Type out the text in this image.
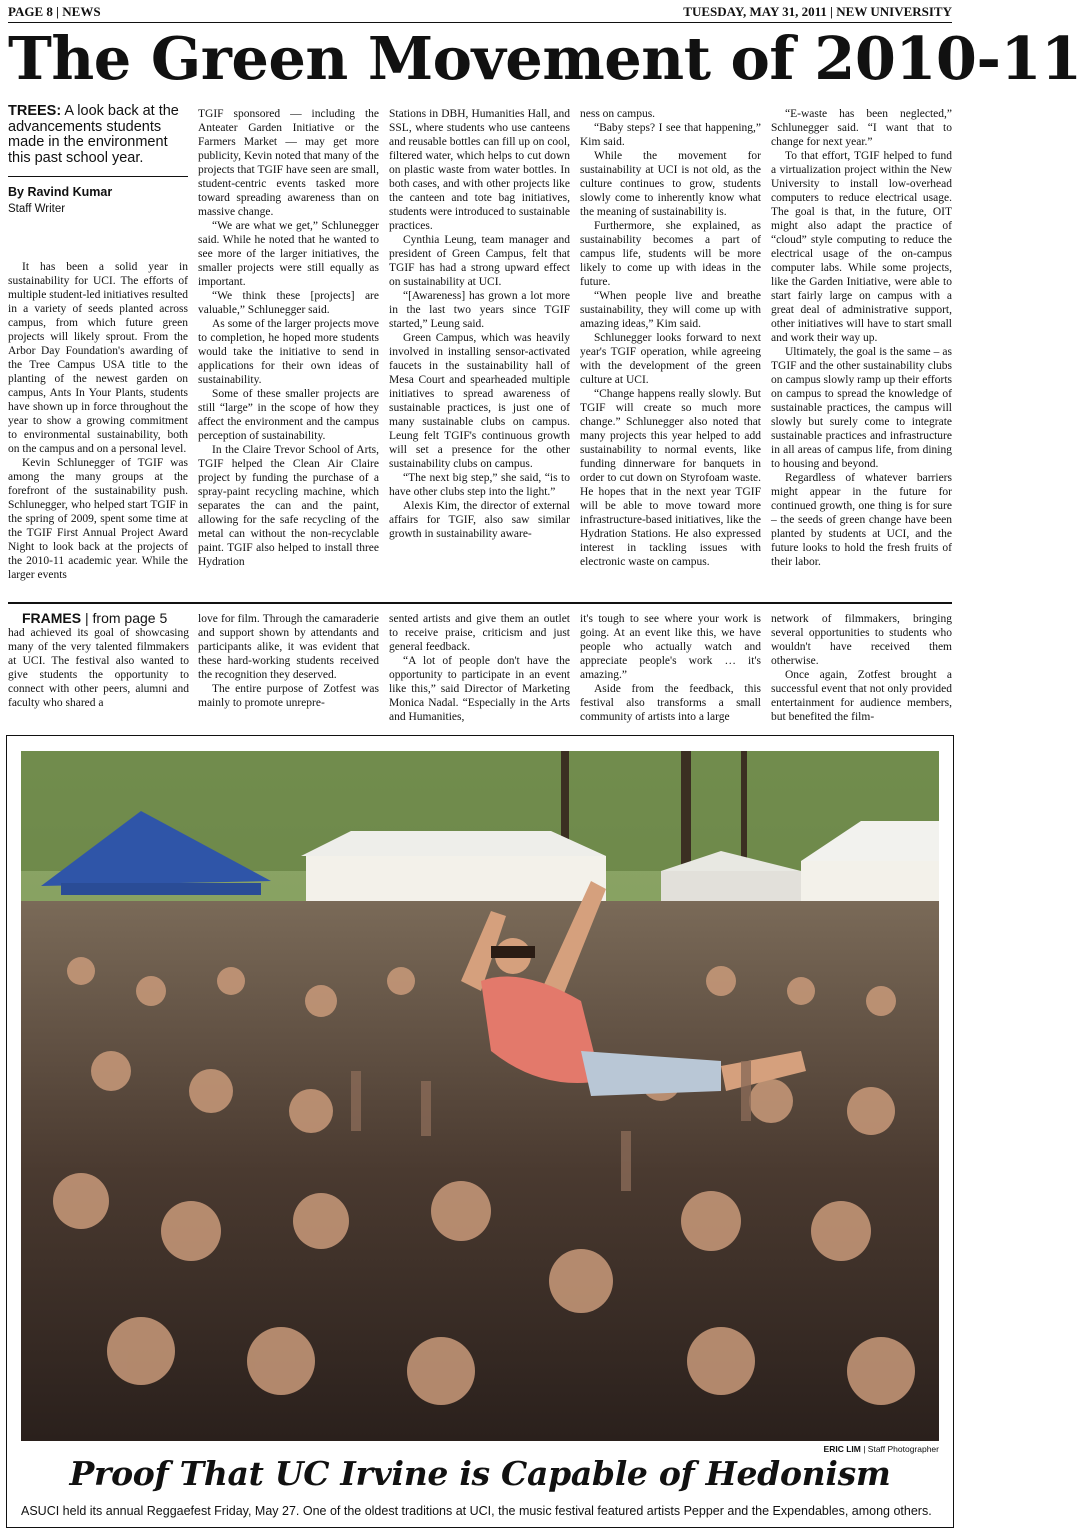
PAGE 8 | NEWS	TUESDAY, MAY 31, 2011 | NEW UNIVERSITY
The Green Movement of 2010-11
TREES: A look back at the advancements students made in the environment this past school year.
By Ravind Kumar
Staff Writer

It has been a solid year in sustainability for UCI. The efforts of multiple student-led initiatives resulted in a variety of seeds planted across campus, from which future green projects will likely sprout. From the Arbor Day Foundation's awarding of the Tree Campus USA title to the planting of the newest garden on campus, Ants In Your Plants, students have shown up in force throughout the year to show a growing commitment to environmental sustainability, both on the campus and on a personal level.

Kevin Schlunegger of TGIF was among the many groups at the forefront of the sustainability push. Schlunegger, who helped start TGIF in the spring of 2009, spent some time at the TGIF First Annual Project Award Night to look back at the projects of the 2010-11 academic year. While the larger events

TGIF sponsored — including the Anteater Garden Initiative or the Farmers Market — may get more publicity, Kevin noted that many of the projects that TGIF have seen are small, student-centric events tasked more toward spreading awareness than on massive change.

“We are what we get,” Schlunegger said. While he noted that he wanted to see more of the larger initiatives, the smaller projects were still equally as important.

“We think these [projects] are valuable,” Schlunegger said.

As some of the larger projects move to completion, he hoped more students would take the initiative to send in applications for their own ideas of sustainability.

Some of these smaller projects are still “large” in the scope of how they affect the environment and the campus perception of sustainability.

In the Claire Trevor School of Arts, TGIF helped the Clean Air Claire project by funding the purchase of a spray-paint recycling machine, which separates the can and the paint, allowing for the safe recycling of the metal can without the non-recyclable paint. TGIF also helped to install three Hydration

Stations in DBH, Humanities Hall, and SSL, where students who use canteens and reusable bottles can fill up on cool, filtered water, which helps to cut down on plastic waste from water bottles. In both cases, and with other projects like the canteen and tote bag initiatives, students were introduced to sustainable practices.

Cynthia Leung, team manager and president of Green Campus, felt that TGIF has had a strong upward effect on sustainability at UCI.

“[Awareness] has grown a lot more in the last two years since TGIF started,” Leung said.

Green Campus, which was heavily involved in installing sensor-activated faucets in the sustainability hall of Mesa Court and spearheaded multiple initiatives to spread awareness of sustainable practices, is just one of many sustainable clubs on campus. Leung felt TGIF's continuous growth will set a presence for the other sustainability clubs on campus.

“The next big step,” she said, “is to have other clubs step into the light.”

Alexis Kim, the director of external affairs for TGIF, also saw similar growth in sustainability aware-

ness on campus.

“Baby steps? I see that happening,” Kim said.

While the movement for sustainability at UCI is not old, as the culture continues to grow, students slowly come to inherently know what the meaning of sustainability is.

Furthermore, she explained, as sustainability becomes a part of campus life, students will be more likely to come up with ideas in the future.

“When people live and breathe sustainability, they will come up with amazing ideas,” Kim said.

Schlunegger looks forward to next year's TGIF operation, while agreeing with the development of the green culture at UCI.

“Change happens really slowly. But TGIF will create so much more change.” Schlunegger also noted that many projects this year helped to add sustainability to normal events, like funding dinnerware for banquets in order to cut down on Styrofoam waste. He hopes that in the next year TGIF will be able to move toward more infrastructure-based initiatives, like the Hydration Stations. He also expressed interest in tackling issues with electronic waste on campus.

“E-waste has been neglected,” Schlunegger said. “I want that to change for next year.”

To that effort, TGIF helped to fund a virtualization project within the New University to install low-overhead computers to reduce electrical usage. The goal is that, in the future, OIT might also adapt the practice of “cloud” style computing to reduce the electrical usage of the on-campus computer labs. While some projects, like the Garden Initiative, were able to start fairly large on campus with a great deal of administrative support, other initiatives will have to start small and work their way up.

Ultimately, the goal is the same – as TGIF and the other sustainability clubs on campus slowly ramp up their efforts on campus to spread the knowledge of sustainable practices, the campus will slowly but surely come to integrate sustainable practices and infrastructure in all areas of campus life, from dining to housing and beyond.

Regardless of whatever barriers might appear in the future for continued growth, one thing is for sure – the seeds of green change have been planted by students at UCI, and the future looks to hold the fresh fruits of their labor.

FRAMES | from page 5

had achieved its goal of showcasing many of the very talented filmmakers at UCI. The festival also wanted to give students the opportunity to connect with other peers, alumni and faculty who shared a

love for film. Through the camaraderie and support shown by attendants and participants alike, it was evident that these hard-working students received the recognition they deserved.

The entire purpose of Zotfest was mainly to promote unrepre-

sented artists and give them an outlet to receive praise, criticism and just general feedback.

“A lot of people don't have the opportunity to participate in an event like this,” said Director of Marketing Monica Nadal. “Especially in the Arts and Humanities,

it's tough to see where your work is going. At an event like this, we have people who actually watch and appreciate people's work … it's amazing.”

Aside from the feedback, this festival also transforms a small community of artists into a large

network of filmmakers, bringing several opportunities to students who wouldn't have received them otherwise.

Once again, Zotfest brought a successful event that not only provided entertainment for audience members, but benefited the film-

ERIC LIM | Staff Photographer
Proof That UC Irvine is Capable of Hedonism
ASUCI held its annual Reggaefest Friday, May 27. One of the oldest traditions at UCI, the music festival featured artists Pepper and the Expendables, among others.
